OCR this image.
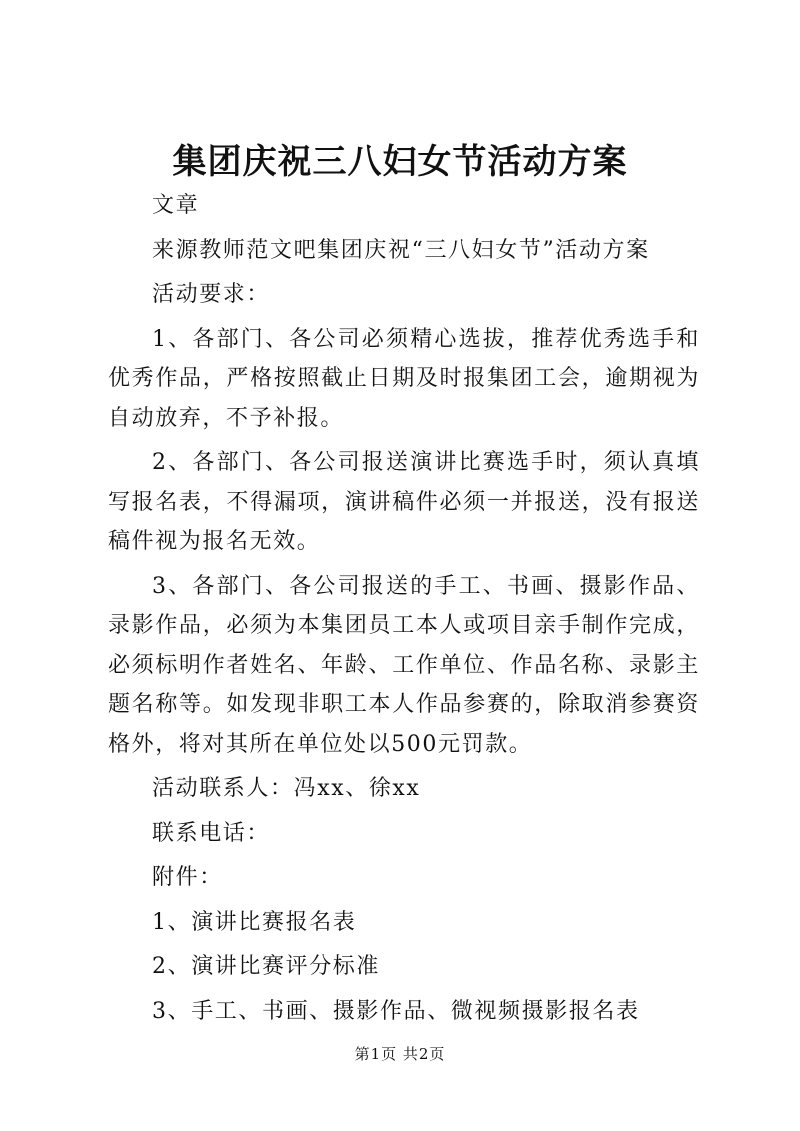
集团庆祝三八妇女节活动方案

文章

来源教师范文吧集团庆祝“三八妇女节”活动方案

活动要求：

1、各部门、各公司必须精心选拔，推荐优秀选手和优秀作品，严格按照截止日期及时报集团工会，逾期视为自动放弃，不予补报。

2、各部门、各公司报送演讲比赛选手时，须认真填写报名表，不得漏项，演讲稿件必须一并报送，没有报送稿件视为报名无效。

3、各部门、各公司报送的手工、书画、摄影作品、录影作品，必须为本集团员工本人或项目亲手制作完成，必须标明作者姓名、年龄、工作单位、作品名称、录影主题名称等。如发现非职工本人作品参赛的，除取消参赛资格外，将对其所在单位处以500元罚款。

活动联系人：冯xx、徐xx

联系电话：

附件：

1、演讲比赛报名表

2、演讲比赛评分标准

3、手工、书画、摄影作品、微视频摄影报名表

第1页 共2页
